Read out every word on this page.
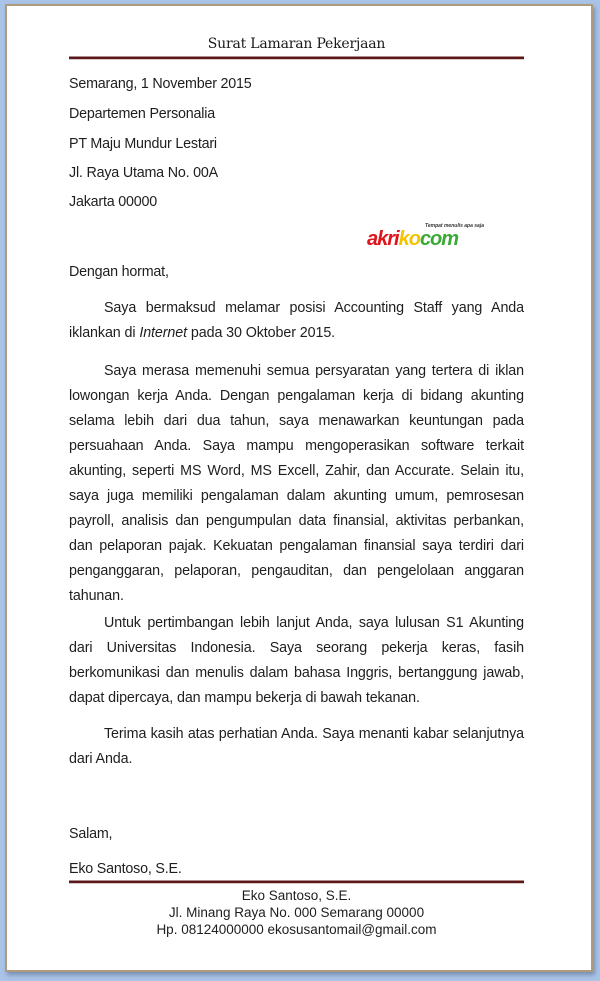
Surat Lamaran Pekerjaan
Semarang, 1 November 2015
Departemen Personalia
PT Maju Mundur Lestari
Jl. Raya Utama No. 00A
Jakarta 00000
Tempat menulis apa saja
akrikocom
Dengan hormat,
Saya bermaksud melamar posisi Accounting Staff yang Anda iklankan di Internet pada 30 Oktober 2015.
Saya merasa memenuhi semua persyaratan yang tertera di iklan lowongan kerja Anda. Dengan pengalaman kerja di bidang akunting selama lebih dari dua tahun, saya menawarkan keuntungan pada persuahaan Anda. Saya mampu mengoperasikan software terkait akunting, seperti MS Word, MS Excell, Zahir, dan Accurate. Selain itu, saya juga memiliki pengalaman dalam akunting umum, pemrosesan payroll, analisis dan pengumpulan data finansial, aktivitas perbankan, dan pelaporan pajak. Kekuatan pengalaman finansial saya terdiri dari penganggaran, pelaporan, pengauditan, dan pengelolaan anggaran tahunan.
Untuk pertimbangan lebih lanjut Anda, saya lulusan S1 Akunting dari Universitas Indonesia. Saya seorang pekerja keras, fasih berkomunikasi dan menulis dalam bahasa Inggris, bertanggung jawab, dapat dipercaya, dan mampu bekerja di bawah tekanan.
Terima kasih atas perhatian Anda. Saya menanti kabar selanjutnya dari Anda.
Salam,
Eko Santoso, S.E.
Eko Santoso, S.E.
Jl. Minang Raya No. 000 Semarang 00000
Hp. 08124000000 ekosusantomail@gmail.com
